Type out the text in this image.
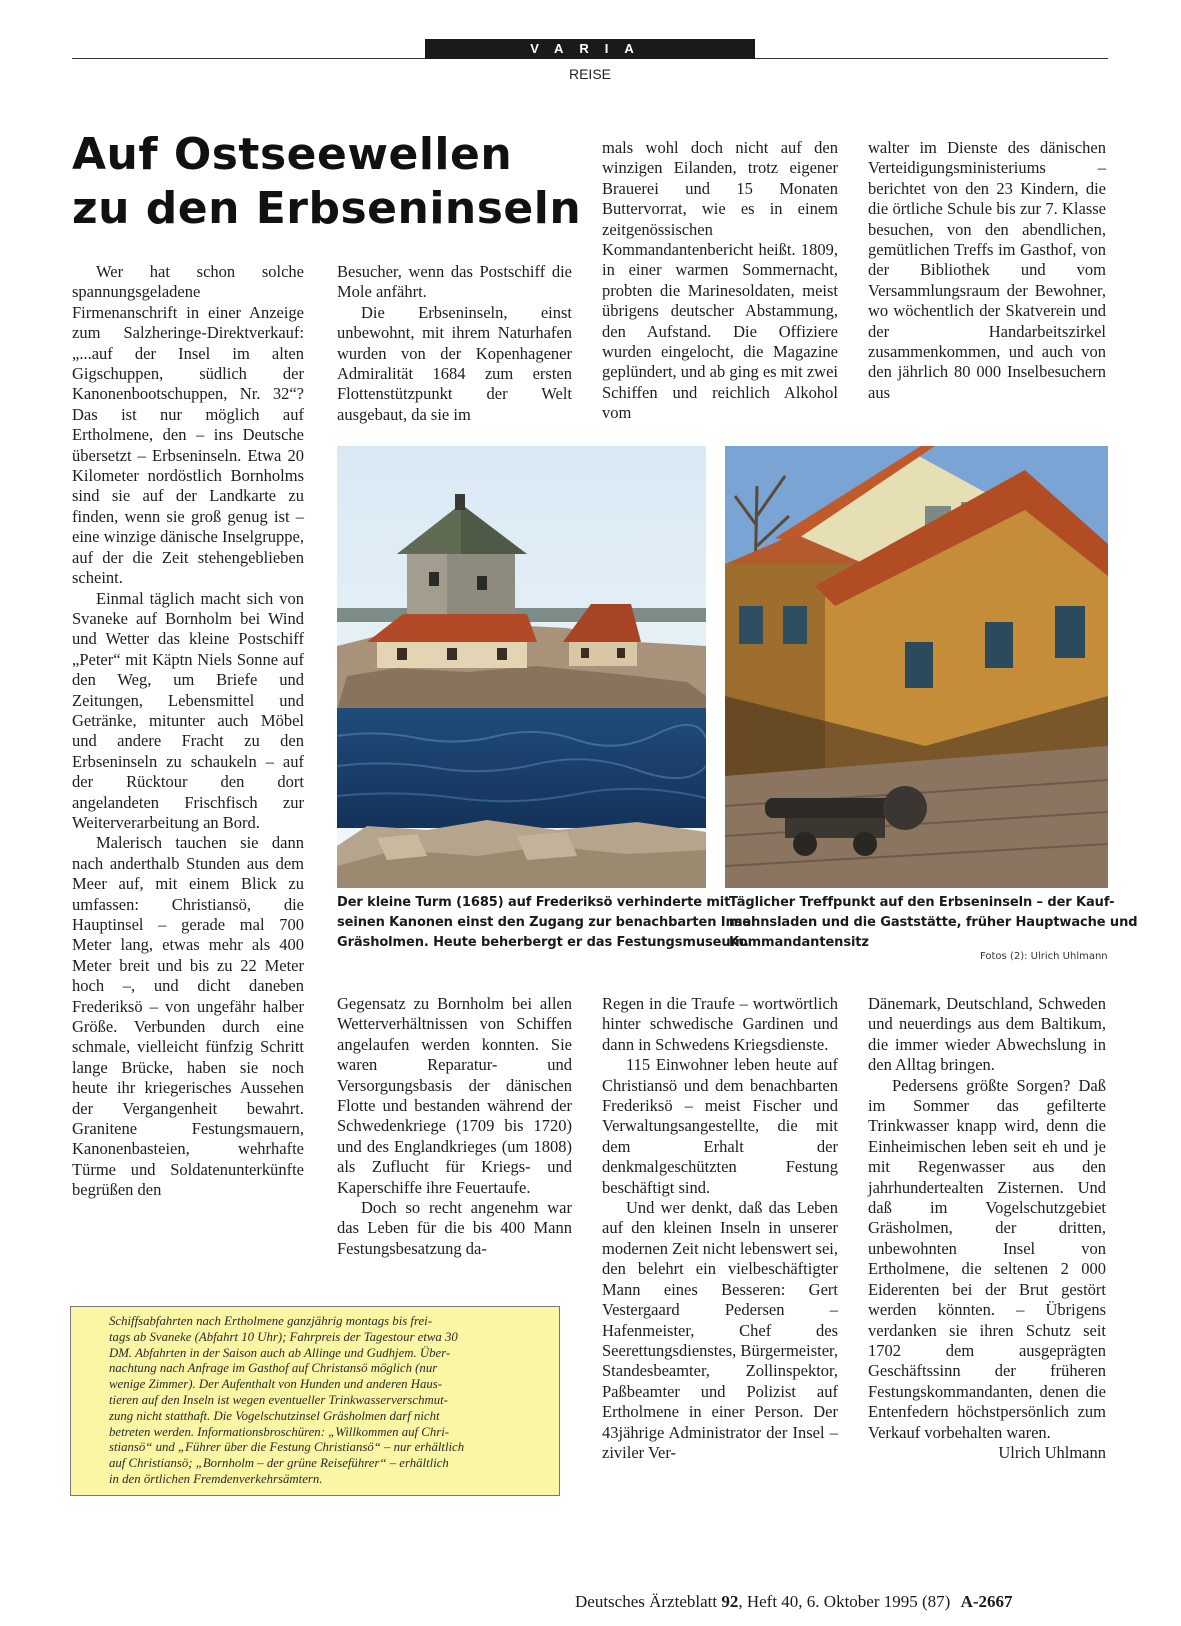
VARIA
REISE
Auf Ostseewellen
zu den Erbseninseln

Wer hat schon solche spannungsgeladene Firmenanschrift in einer Anzeige zum Salzheringe-Direktverkauf: „...auf der Insel im alten Gigschuppen, südlich der Kanonenbootschuppen, Nr. 32“? Das ist nur möglich auf Ertholmene, den – ins Deutsche übersetzt – Erbseninseln. Etwa 20 Kilometer nordöstlich Bornholms sind sie auf der Landkarte zu finden, wenn sie groß genug ist – eine winzige dänische Inselgruppe, auf der die Zeit stehengeblieben scheint.

Einmal täglich macht sich von Svaneke auf Bornholm bei Wind und Wetter das kleine Postschiff „Peter“ mit Käptn Niels Sonne auf den Weg, um Briefe und Zeitungen, Lebensmittel und Getränke, mitunter auch Möbel und andere Fracht zu den Erbseninseln zu schaukeln – auf der Rücktour den dort angelandeten Frischfisch zur Weiterverarbeitung an Bord.

Malerisch tauchen sie dann nach anderthalb Stunden aus dem Meer auf, mit einem Blick zu umfassen: Christiansö, die Hauptinsel – gerade mal 700 Meter lang, etwas mehr als 400 Meter breit und bis zu 22 Meter hoch –, und dicht daneben Frederiksö – von ungefähr halber Größe. Verbunden durch eine schmale, vielleicht fünfzig Schritt lange Brücke, haben sie noch heute ihr kriegerisches Aussehen der Vergangenheit bewahrt. Granitene Festungsmauern, Kanonenbasteien, wehrhafte Türme und Soldatenunterkünfte begrüßen den

Besucher, wenn das Postschiff die Mole anfährt.

Die Erbseninseln, einst unbewohnt, mit ihrem Naturhafen wurden von der Kopenhagener Admiralität 1684 zum ersten Flottenstützpunkt der Welt ausgebaut, da sie im

mals wohl doch nicht auf den winzigen Eilanden, trotz eigener Brauerei und 15 Monaten Buttervorrat, wie es in einem zeitgenössischen Kommandantenbericht heißt. 1809, in einer warmen Sommernacht, probten die Marinesoldaten, meist übrigens deutscher Abstammung, den Aufstand. Die Offiziere wurden eingelocht, die Magazine geplündert, und ab ging es mit zwei Schiffen und reichlich Alkohol vom

walter im Dienste des dänischen Verteidigungsministeriums – berichtet von den 23 Kindern, die die örtliche Schule bis zur 7. Klasse besuchen, von den abendlichen, gemütlichen Treffs im Gasthof, von der Bibliothek und vom Versammlungsraum der Bewohner, wo wöchentlich der Skatverein und der Handarbeitszirkel zusammenkommen, und auch von den jährlich 80 000 Inselbesuchern aus

Der kleine Turm (1685) auf Frederiksö verhinderte mit
seinen Kanonen einst den Zugang zur benachbarten Insel
Gräsholmen. Heute beherbergt er das Festungsmuseum.
Täglicher Treffpunkt auf den Erbseninseln – der Kauf-
mannsladen und die Gaststätte, früher Hauptwache und
Kommandantensitz
Fotos (2): Ulrich Uhlmann

Gegensatz zu Bornholm bei allen Wetterverhältnissen von Schiffen angelaufen werden konnten. Sie waren Reparatur- und Versorgungsbasis der dänischen Flotte und bestanden während der Schwedenkriege (1709 bis 1720) und des Englandkrieges (um 1808) als Zuflucht für Kriegs- und Kaperschiffe ihre Feuertaufe.

Doch so recht angenehm war das Leben für die bis 400 Mann Festungsbesatzung da-

Regen in die Traufe – wortwörtlich hinter schwedische Gardinen und dann in Schwedens Kriegsdienste.

115 Einwohner leben heute auf Christiansö und dem benachbarten Frederiksö – meist Fischer und Verwaltungsangestellte, die mit dem Erhalt der denkmalgeschützten Festung beschäftigt sind.

Und wer denkt, daß das Leben auf den kleinen Inseln in unserer modernen Zeit nicht lebenswert sei, den belehrt ein vielbeschäftigter Mann eines Besseren: Gert Vestergaard Pedersen – Hafenmeister, Chef des Seerettungsdienstes, Bürgermeister, Standesbeamter, Zollinspektor, Paßbeamter und Polizist auf Ertholmene in einer Person. Der 43jährige Administrator der Insel – ziviler Ver-

Dänemark, Deutschland, Schweden und neuerdings aus dem Baltikum, die immer wieder Abwechslung in den Alltag bringen.

Pedersens größte Sorgen? Daß im Sommer das gefilterte Trinkwasser knapp wird, denn die Einheimischen leben seit eh und je mit Regenwasser aus den jahrhundertealten Zisternen. Und daß im Vogelschutzgebiet Gräsholmen, der dritten, unbewohnten Insel von Ertholmene, die seltenen 2 000 Eiderenten bei der Brut gestört werden könnten. – Übrigens verdanken sie ihren Schutz seit 1702 dem ausgeprägten Geschäftssinn der früheren Festungskommandanten, denen die Entenfedern höchstpersönlich zum Verkauf vorbehalten waren.
Ulrich Uhlmann

Schiffsabfahrten nach Ertholmene ganzjährig montags bis frei-
tags ab Svaneke (Abfahrt 10 Uhr); Fahrpreis der Tagestour etwa 30
DM. Abfahrten in der Saison auch ab Allinge und Gudhjem. Über-
nachtung nach Anfrage im Gasthof auf Christansö möglich (nur
wenige Zimmer). Der Aufenthalt von Hunden und anderen Haus-
tieren auf den Inseln ist wegen eventueller Trinkwasserverschmut-
zung nicht statthaft. Die Vogelschutzinsel Gräsholmen darf nicht
betreten werden. Informationsbroschüren: „Willkommen auf Chri-
stiansö“ und „Führer über die Festung Christiansö“ – nur erhältlich
auf Christiansö; „Bornholm – der grüne Reiseführer“ – erhältlich
in den örtlichen Fremdenverkehrsämtern.
Deutsches Ärzteblatt 92, Heft 40, 6. Oktober 1995 (87) A-2667
